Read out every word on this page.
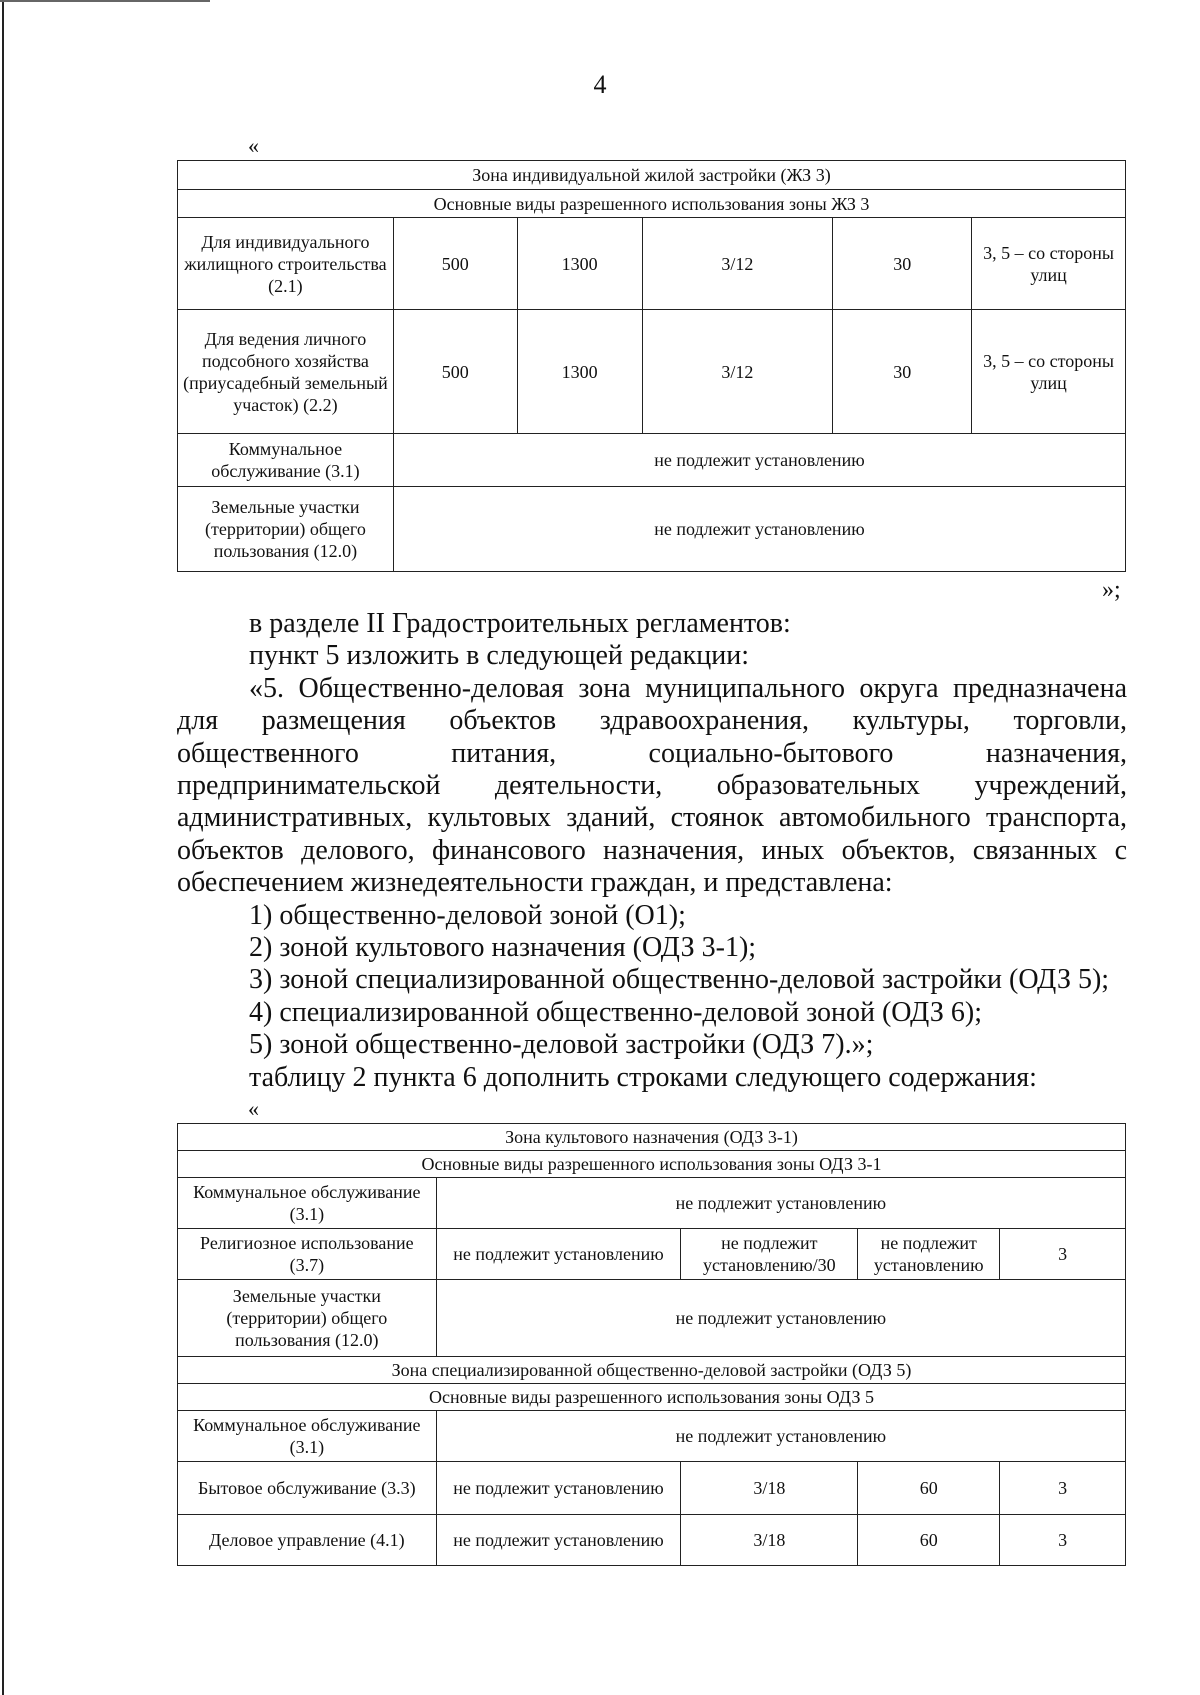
4
«
Зона индивидуальной жилой застройки (ЖЗ 3)					
Основные виды разрешенного использования зоны ЖЗ 3					
Для индивидуального жилищного строительства (2.1)	500	1300	3/12	30	3, 5 – со стороны улиц
Для ведения личного подсобного хозяйства (приусадебный земельный участок) (2.2)	500	1300	3/12	30	3, 5 – со стороны улиц
Коммунальное обслуживание (3.1)	не подлежит установлению				
Земельные участки (территории) общего пользования (12.0)	не подлежит установлению				
»;

в разделе II Градостроительных регламентов:

пункт 5 изложить в следующей редакции:

«5. Общественно-деловая зона муниципального округа предназначена для размещения объектов здравоохранения, культуры, торговли, общественного питания, социально-бытового назначения, предпринимательской деятельности, образовательных учреждений, административных, культовых зданий, стоянок автомобильного транспорта, объектов делового, финансового назначения, иных объектов, связанных с обеспечением жизнедеятельности граждан, и представлена:

1) общественно-деловой зоной (О1);

2) зоной культового назначения (ОДЗ 3-1);

3) зоной специализированной общественно-деловой застройки (ОДЗ 5);

4) специализированной общественно-деловой зоной (ОДЗ 6);

5) зоной общественно-деловой застройки (ОДЗ 7).»;

таблицу 2 пункта 6 дополнить строками следующего содержания:

«
Зона культового назначения (ОДЗ 3-1)				
Основные виды разрешенного использования зоны ОДЗ 3-1				
Коммунальное обслуживание (3.1)	не подлежит установлению			
Религиозное использование (3.7)	не подлежит установлению	не подлежит установлению/30	не подлежит установлению	3
Земельные участки (территории) общего пользования (12.0)	не подлежит установлению			
Зона специализированной общественно-деловой застройки (ОДЗ 5)				
Основные виды разрешенного использования зоны ОДЗ 5				
Коммунальное обслуживание (3.1)	не подлежит установлению			
Бытовое обслуживание (3.3)	не подлежит установлению	3/18	60	3
Деловое управление (4.1)	не подлежит установлению	3/18	60	3
